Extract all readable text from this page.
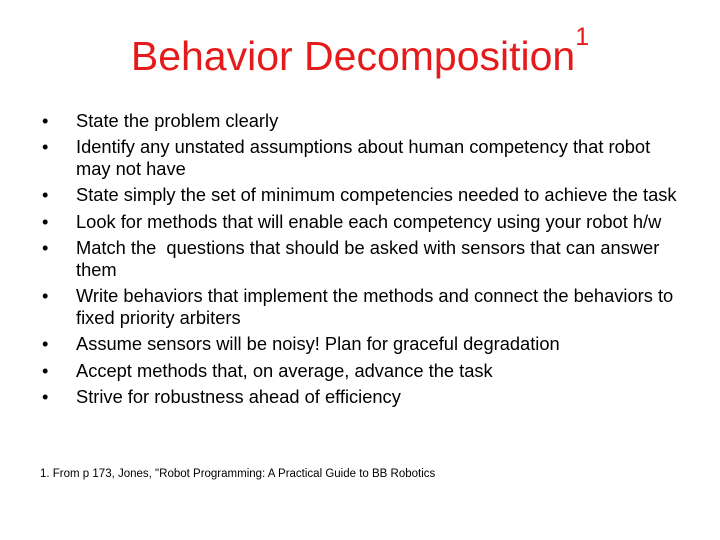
Behavior Decomposition$^1$
•	State the problem clearly
•	Identify any unstated assumptions about human competency that robot may not have
•	State simply the set of minimum competencies needed to achieve the task
•	Look for methods that will enable each competency using your robot h/w
•	Match the  questions that should be asked with sensors that can answer them
•	Write behaviors that implement the methods and connect the behaviors to fixed priority arbiters
•	Assume sensors will be noisy! Plan for graceful degradation
•	Accept methods that, on average, advance the task
•	Strive for robustness ahead of efficiency
1. From p 173, Jones, "Robot Programming: A Practical Guide to BB Robotics
